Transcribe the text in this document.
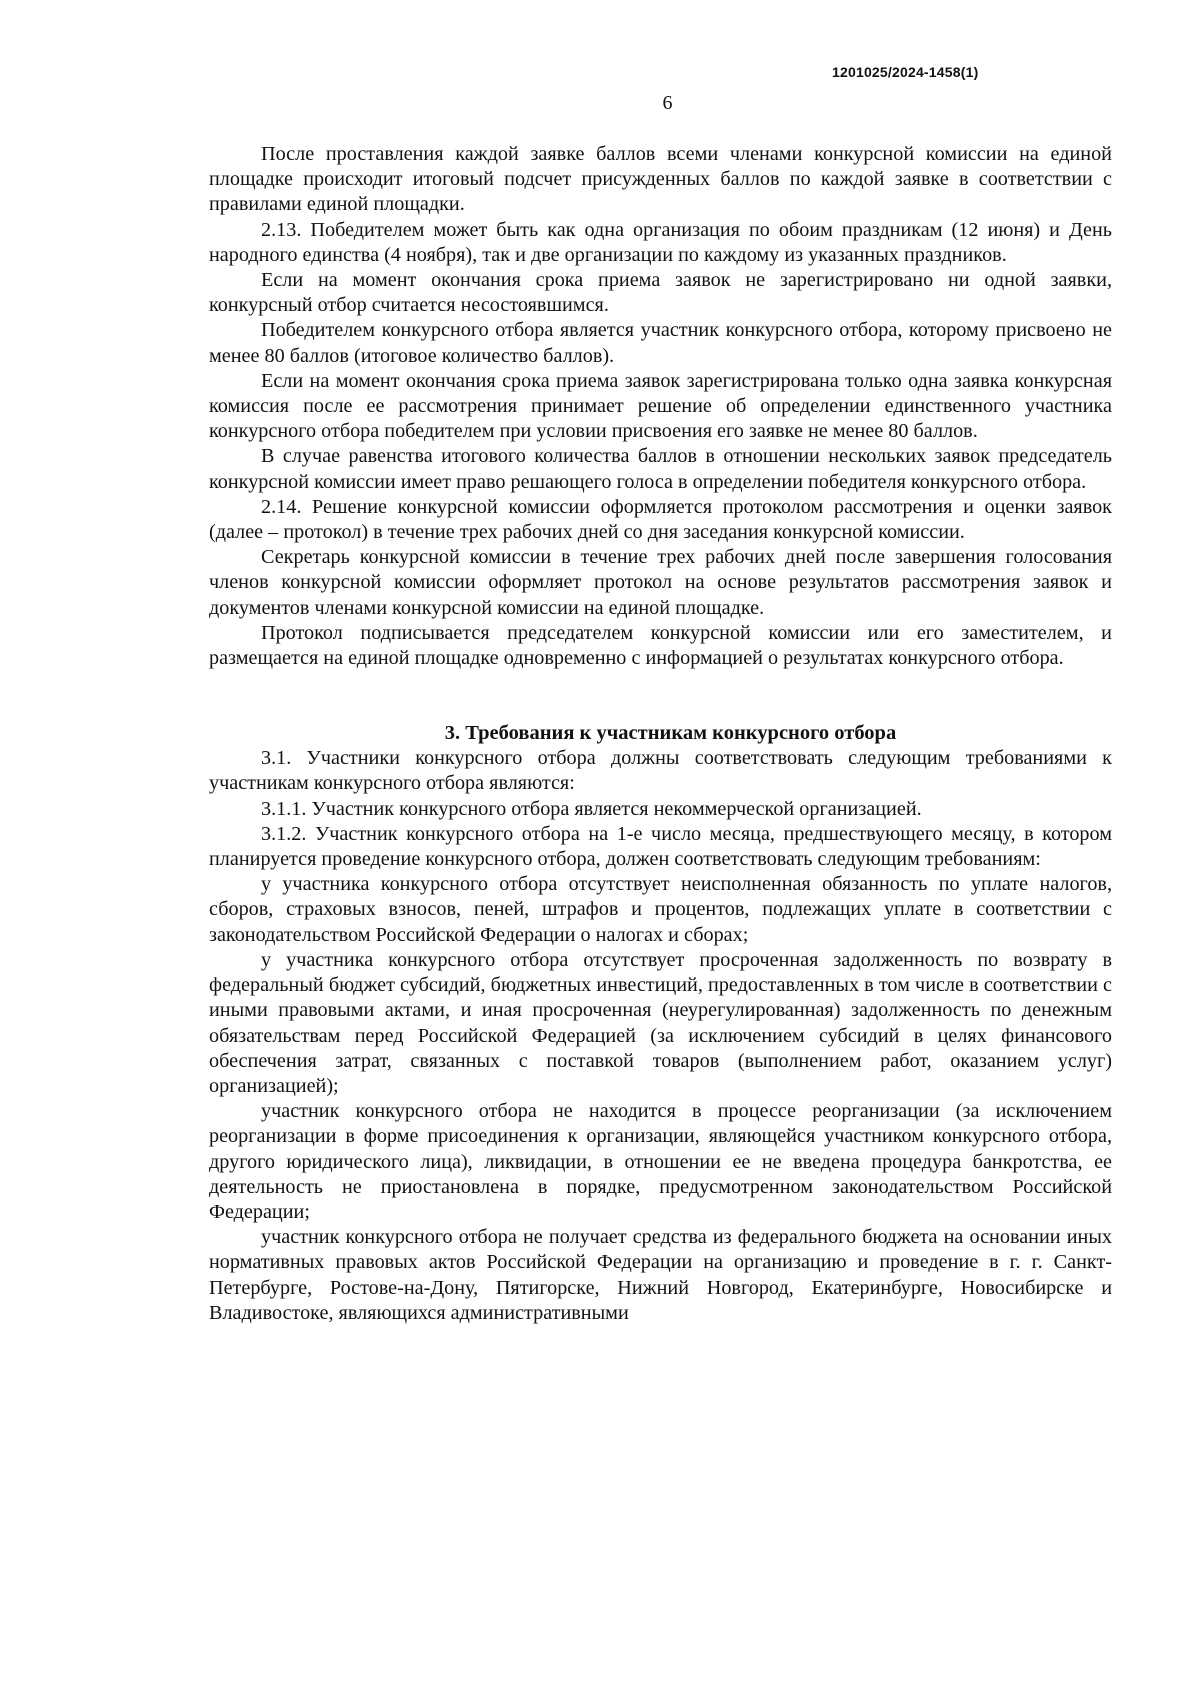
1201025/2024-1458(1)
6

После проставления каждой заявке баллов всеми членами конкурсной комиссии на единой площадке происходит итоговый подсчет присужденных баллов по каждой заявке в соответствии с правилами единой площадки.

2.13. Победителем может быть как одна организация по обоим праздникам (12 июня) и День народного единства (4 ноября), так и две организации по каждому из указанных праздников.

Если на момент окончания срока приема заявок не зарегистрировано ни одной заявки, конкурсный отбор считается несостоявшимся.

Победителем конкурсного отбора является участник конкурсного отбора, которому присвоено не менее 80 баллов (итоговое количество баллов).

Если на момент окончания срока приема заявок зарегистрирована только одна заявка конкурсная комиссия после ее рассмотрения принимает решение об определении единственного участника конкурсного отбора победителем при условии присвоения его заявке не менее 80 баллов.

В случае равенства итогового количества баллов в отношении нескольких заявок председатель конкурсной комиссии имеет право решающего голоса в определении победителя конкурсного отбора.

2.14. Решение конкурсной комиссии оформляется протоколом рассмотрения и оценки заявок (далее – протокол) в течение трех рабочих дней со дня заседания конкурсной комиссии.

Секретарь конкурсной комиссии в течение трех рабочих дней после завершения голосования членов конкурсной комиссии оформляет протокол на основе результатов рассмотрения заявок и документов членами конкурсной комиссии на единой площадке.

Протокол подписывается председателем конкурсной комиссии или его заместителем, и размещается на единой площадке одновременно с информацией о результатах конкурсного отбора.

3. Требования к участникам конкурсного отбора

3.1. Участники конкурсного отбора должны соответствовать следующим требованиями к участникам конкурсного отбора являются:

3.1.1. Участник конкурсного отбора является некоммерческой организацией.

3.1.2. Участник конкурсного отбора на 1-е число месяца, предшествующего месяцу, в котором планируется проведение конкурсного отбора, должен соответствовать следующим требованиям:

у участника конкурсного отбора отсутствует неисполненная обязанность по уплате налогов, сборов, страховых взносов, пеней, штрафов и процентов, подлежащих уплате в соответствии с законодательством Российской Федерации о налогах и сборах;

у участника конкурсного отбора отсутствует просроченная задолженность по возврату в федеральный бюджет субсидий, бюджетных инвестиций, предоставленных в том числе в соответствии с иными правовыми актами, и иная просроченная (неурегулированная) задолженность по денежным обязательствам перед Российской Федерацией (за исключением субсидий в целях финансового обеспечения затрат, связанных с поставкой товаров (выполнением работ, оказанием услуг) организацией);

участник конкурсного отбора не находится в процессе реорганизации (за исключением реорганизации в форме присоединения к организации, являющейся участником конкурсного отбора, другого юридического лица), ликвидации, в отношении ее не введена процедура банкротства, ее деятельность не приостановлена в порядке, предусмотренном законодательством Российской Федерации;

участник конкурсного отбора не получает средства из федерального бюджета на основании иных нормативных правовых актов Российской Федерации на организацию и проведение в г. г. Санкт-Петербурге, Ростове-на-Дону, Пятигорске, Нижний Новгород, Екатеринбурге, Новосибирске и Владивостоке, являющихся административными
